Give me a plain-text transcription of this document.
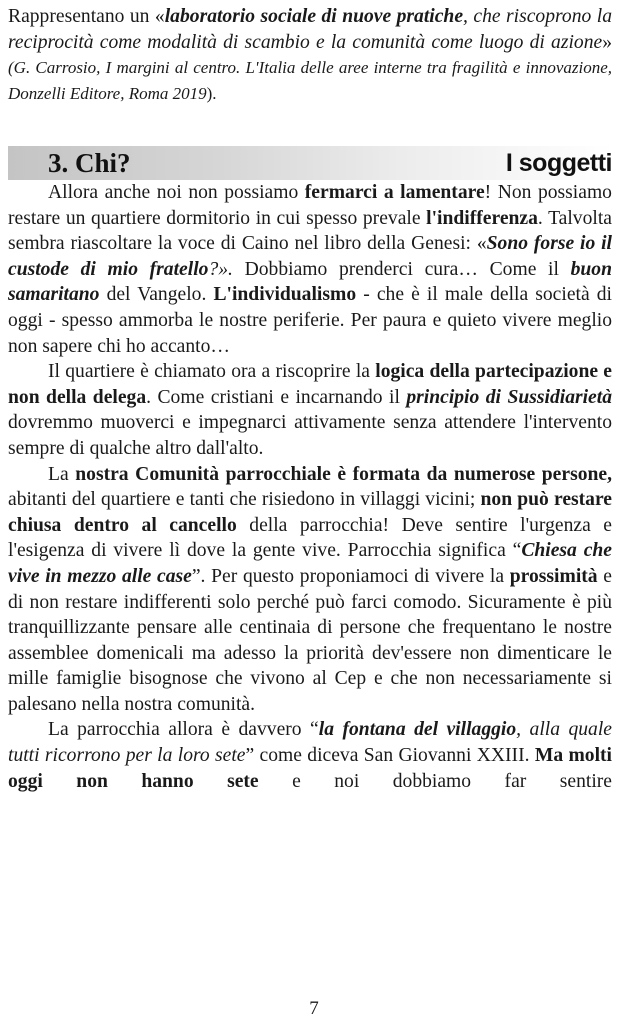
Rappresentano un «laboratorio sociale di nuove pratiche, che riscoprono la reciprocità come modalità di scambio e la comunità come luogo di azione» (G. Carrosio, I margini al centro. L'Italia delle aree interne tra fragilità e innovazione, Donzelli Editore, Roma 2019).

3. Chi?	I soggetti

Allora anche noi non possiamo fermarci a lamentare! Non possiamo restare un quartiere dormitorio in cui spesso prevale l'indifferenza. Talvolta sembra riascoltare la voce di Caino nel libro della Genesi: «Sono forse io il custode di mio fratello?». Dobbiamo prenderci cura… Come il buon samaritano del Vangelo. L'individualismo - che è il male della società di oggi - spesso ammorba le nostre periferie. Per paura e quieto vivere meglio non sapere chi ho accanto…

Il quartiere è chiamato ora a riscoprire la logica della partecipazione e non della delega. Come cristiani e incarnando il principio di Sussidiarietà dovremmo muoverci e impegnarci attivamente senza attendere l'intervento sempre di qualche altro dall'alto.

La nostra Comunità parrocchiale è formata da numerose persone, abitanti del quartiere e tanti che risiedono in villaggi vicini; non può restare chiusa dentro al cancello della parrocchia! Deve sentire l'urgenza e l'esigenza di vivere lì dove la gente vive. Parrocchia significa “Chiesa che vive in mezzo alle case”. Per questo proponiamoci di vivere la prossimità e di non restare indifferenti solo perché può farci comodo. Sicuramente è più tranquillizzante pensare alle centinaia di persone che frequentano le nostre assemblee domenicali ma adesso la priorità dev'essere non dimenticare le mille famiglie bisognose che vivono al Cep e che non necessariamente si palesano nella nostra comunità.

La parrocchia allora è davvero “la fontana del villaggio, alla quale tutti ricorrono per la loro sete” come diceva San Giovanni XXIII. Ma molti oggi non hanno sete e noi dobbiamo far sentire

7
